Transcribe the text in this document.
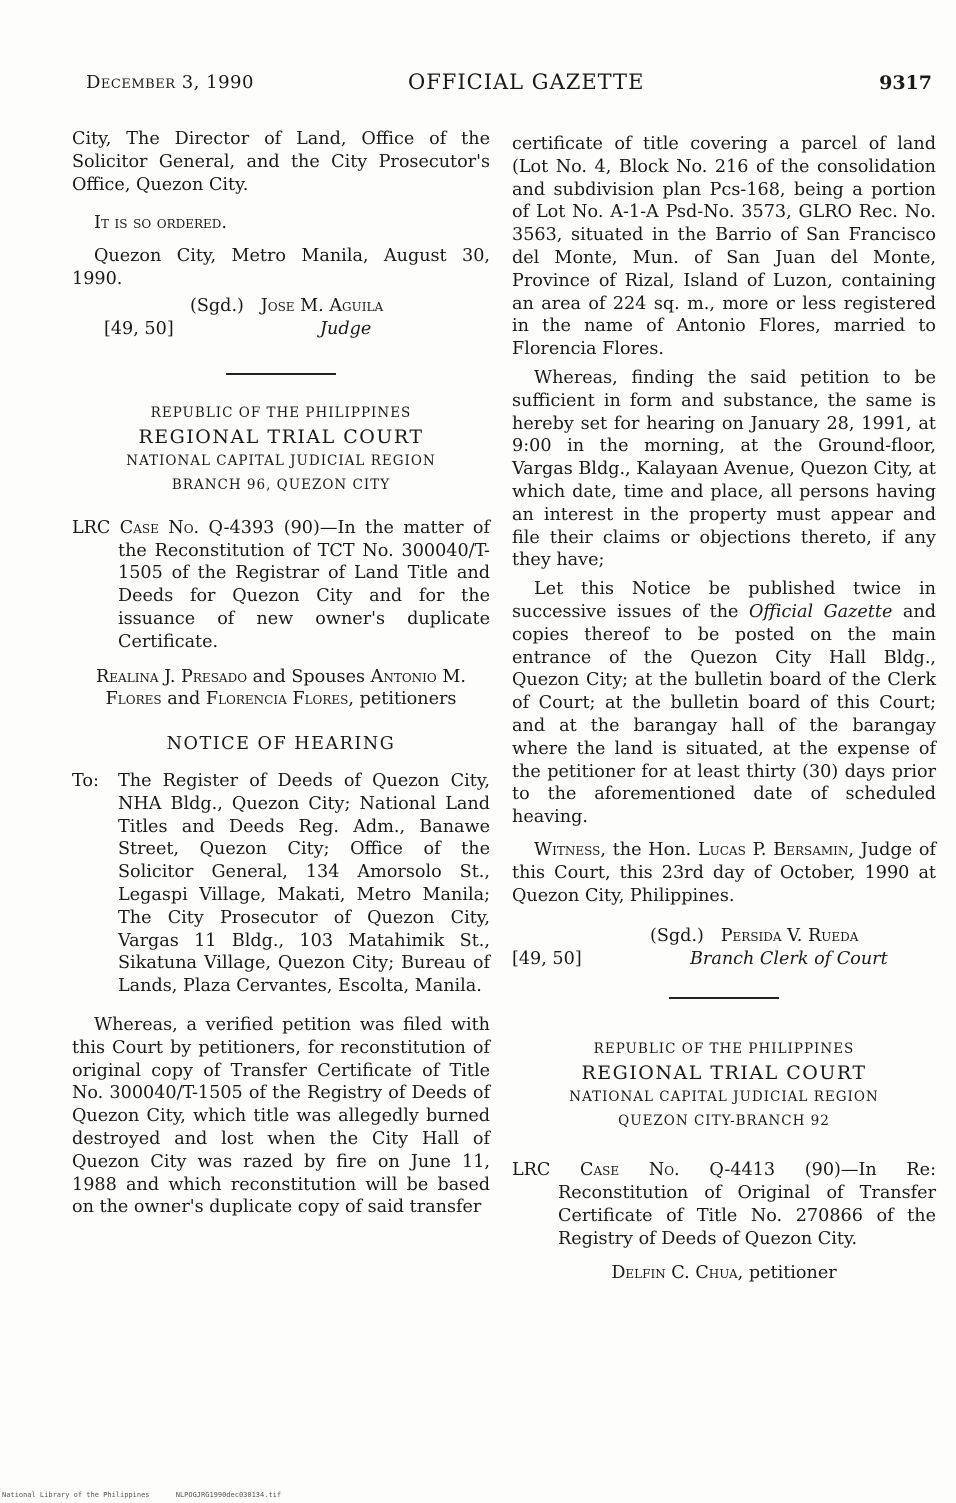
December 3, 1990	OFFICIAL GAZETTE	9317

City, The Director of Land, Office of the Solicitor General, and the City Prosecutor's Office, Quezon City.

It is so ordered.

Quezon City, Metro Manila, August 30, 1990.

[49, 50]
(Sgd.) Jose M. Aguila
Judge
REPUBLIC OF THE PHILIPPINES
REGIONAL TRIAL COURT
NATIONAL CAPITAL JUDICIAL REGION
BRANCH 96, QUEZON CITY

LRC Case No. Q-4393 (90)—In the matter of the Reconstitution of TCT No. 300040/T-1505 of the Registrar of Land Title and Deeds for Quezon City and for the issuance of new owner's duplicate Certificate.

Realina J. Presado and Spouses Antonio M. Flores and Florencia Flores, petitioners

NOTICE OF HEARING

To: The Register of Deeds of Quezon City, NHA Bldg., Quezon City; National Land Titles and Deeds Reg. Adm., Banawe Street, Quezon City; Office of the Solicitor General, 134 Amorsolo St., Legaspi Village, Makati, Metro Manila; The City Prosecutor of Quezon City, Vargas 11 Bldg., 103 Matahimik St., Sikatuna Village, Quezon City; Bureau of Lands, Plaza Cervantes, Escolta, Manila.

Whereas, a verified petition was filed with this Court by petitioners, for reconstitution of original copy of Transfer Certificate of Title No. 300040/T-1505 of the Registry of Deeds of Quezon City, which title was allegedly burned destroyed and lost when the City Hall of Quezon City was razed by fire on June 11, 1988 and which reconstitution will be based on the owner's duplicate copy of said transfer

certificate of title covering a parcel of land (Lot No. 4, Block No. 216 of the consolidation and subdivision plan Pcs-168, being a portion of Lot No. A-1-A Psd-No. 3573, GLRO Rec. No. 3563, situated in the Barrio of San Francisco del Monte, Mun. of San Juan del Monte, Province of Rizal, Island of Luzon, containing an area of 224 sq. m., more or less registered in the name of Antonio Flores, married to Florencia Flores.

Whereas, finding the said petition to be sufficient in form and substance, the same is hereby set for hearing on January 28, 1991, at 9:00 in the morning, at the Ground-floor, Vargas Bldg., Kalayaan Avenue, Quezon City, at which date, time and place, all persons having an interest in the property must appear and file their claims or objections thereto, if any they have;

Let this Notice be published twice in successive issues of the Official Gazette and copies thereof to be posted on the main entrance of the Quezon City Hall Bldg., Quezon City; at the bulletin board of the Clerk of Court; at the bulletin board of this Court; and at the barangay hall of the barangay where the land is situated, at the expense of the petitioner for at least thirty (30) days prior to the aforementioned date of scheduled heaving.

Witness, the Hon. Lucas P. Bersamin, Judge of this Court, this 23rd day of October, 1990 at Quezon City, Philippines.

[49, 50]
(Sgd.) Persida V. Rueda
Branch Clerk of Court
REPUBLIC OF THE PHILIPPINES
REGIONAL TRIAL COURT
NATIONAL CAPITAL JUDICIAL REGION
QUEZON CITY-BRANCH 92

LRC Case No. Q-4413 (90)—In Re: Reconstitution of Original of Transfer Certificate of Title No. 270866 of the Registry of Deeds of Quezon City.

Delfin C. Chua, petitioner

National Library of the Philippines	NLPOGJRG1990dec030134.tif
